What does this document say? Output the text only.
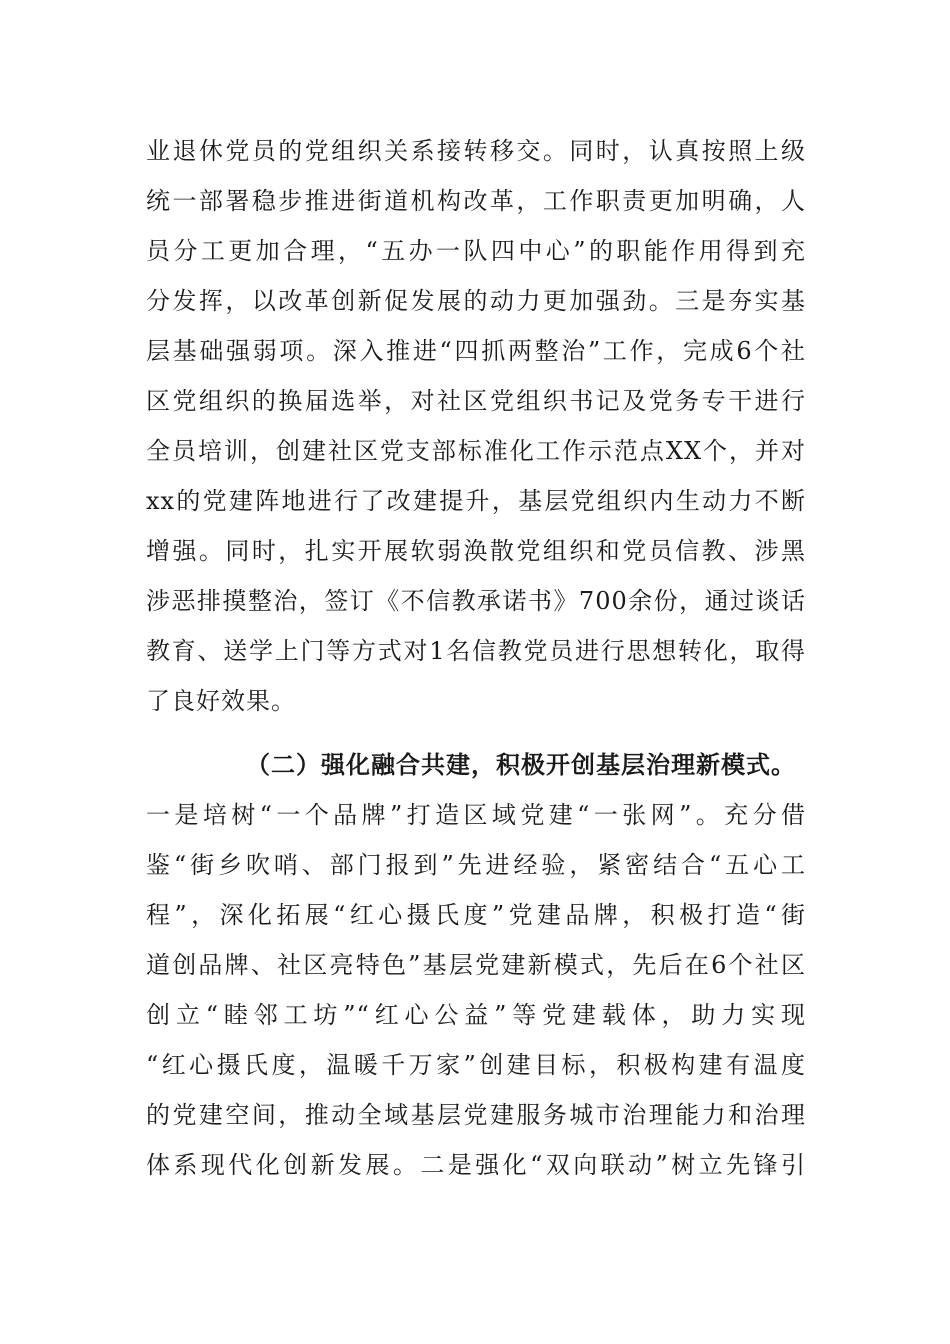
业退休党员的党组织关系接转移交。同时，认真按照上级
统一部署稳步推进街道机构改革，工作职责更加明确，人
员分工更加合理，“五办一队四中心”的职能作用得到充
分发挥，以改革创新促发展的动力更加强劲。三是夯实基
层基础强弱项。深入推进“四抓两整治”工作，完成6个社
区党组织的换届选举，对社区党组织书记及党务专干进行
全员培训，创建社区党支部标准化工作示范点XX个，并对
xx的党建阵地进行了改建提升，基层党组织内生动力不断
增强。同时，扎实开展软弱涣散党组织和党员信教、涉黑
涉恶排摸整治，签订《不信教承诺书》700余份，通过谈话
教育、送学上门等方式对1名信教党员进行思想转化，取得
了良好效果。
（二）强化融合共建，积极开创基层治理新模式。
一是培树“一个品牌”打造区域党建“一张网”。充分借
鉴“街乡吹哨、部门报到”先进经验，紧密结合“五心工
程”，深化拓展“红心摄氏度”党建品牌，积极打造“街
道创品牌、社区亮特色”基层党建新模式，先后在6个社区
创立“睦邻工坊”“红心公益”等党建载体，助力实现
“红心摄氏度，温暖千万家”创建目标，积极构建有温度
的党建空间，推动全域基层党建服务城市治理能力和治理
体系现代化创新发展。二是强化“双向联动”树立先锋引
